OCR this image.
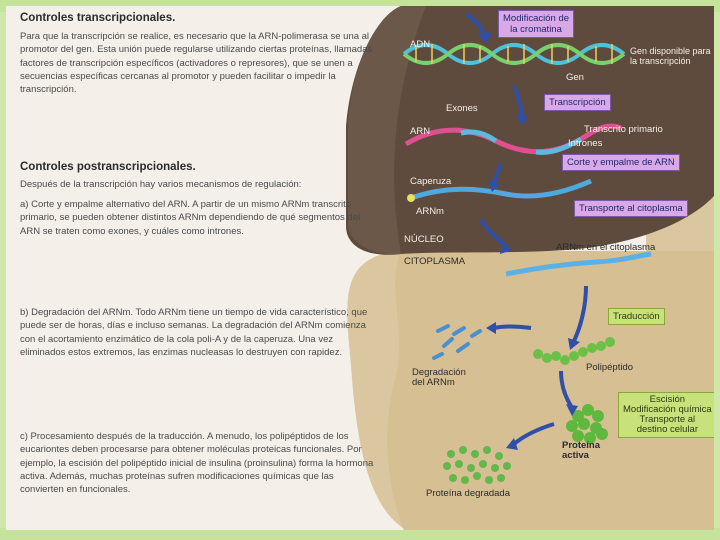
Controles transcripcionales.
Para que la transcripción se realice, es necesario que la ARN-polimerasa se una al promotor del gen. Esta unión puede regularse utilizando ciertas proteínas, llamadas factores de transcripción específicos (activadores o represores), que se unen a secuencias específicas cercanas al promotor y pueden facilitar o impedir la transcripción.
Controles postranscripcionales.
Después de la transcripción hay varios mecanismos de regulación:
a) Corte y empalme alternativo del ARN. A partir de un mismo ARNm transcrito primario, se pueden obtener distintos ARNm dependiendo de qué segmentos del ARN se traten como exones, y cuáles como intrones.
b) Degradación del ARNm. Todo ARNm tiene un tiempo de vida característico, que puede ser de horas, días e incluso semanas. La degradación del ARNm comienza con el acortamiento enzimático de la cola poli-A y de la caperuza. Una vez eliminados estos extremos, las enzimas nucleasas lo destruyen con rapidez.
c) Procesamiento después de la traducción. A menudo, los polipéptidos de los eucariontes deben procesarse para obtener moléculas proteicas funcionales. Por ejemplo, la escisión del polipéptido inicial de insulina (proinsulina) forma la hormona activa. Además, muchas proteínas sufren modificaciones químicas que las convierten en funcionales.
Modificación de
la cromatina
Transcripción
Corte y empalme de ARN
Transporte al citoplasma
Traducción
Escisión
Modificación química
Transporte al
destino celular
ADN
Gen
Gen disponible para
la transcripción
Exones
ARN	Transcrito primario
Intrones
Caperuza
ARNm
NÚCLEO
CITOPLASMA
ARNm en el citoplasma
Degradación
del ARNm
Polipéptido
Proteína
activa
Proteína degradada
